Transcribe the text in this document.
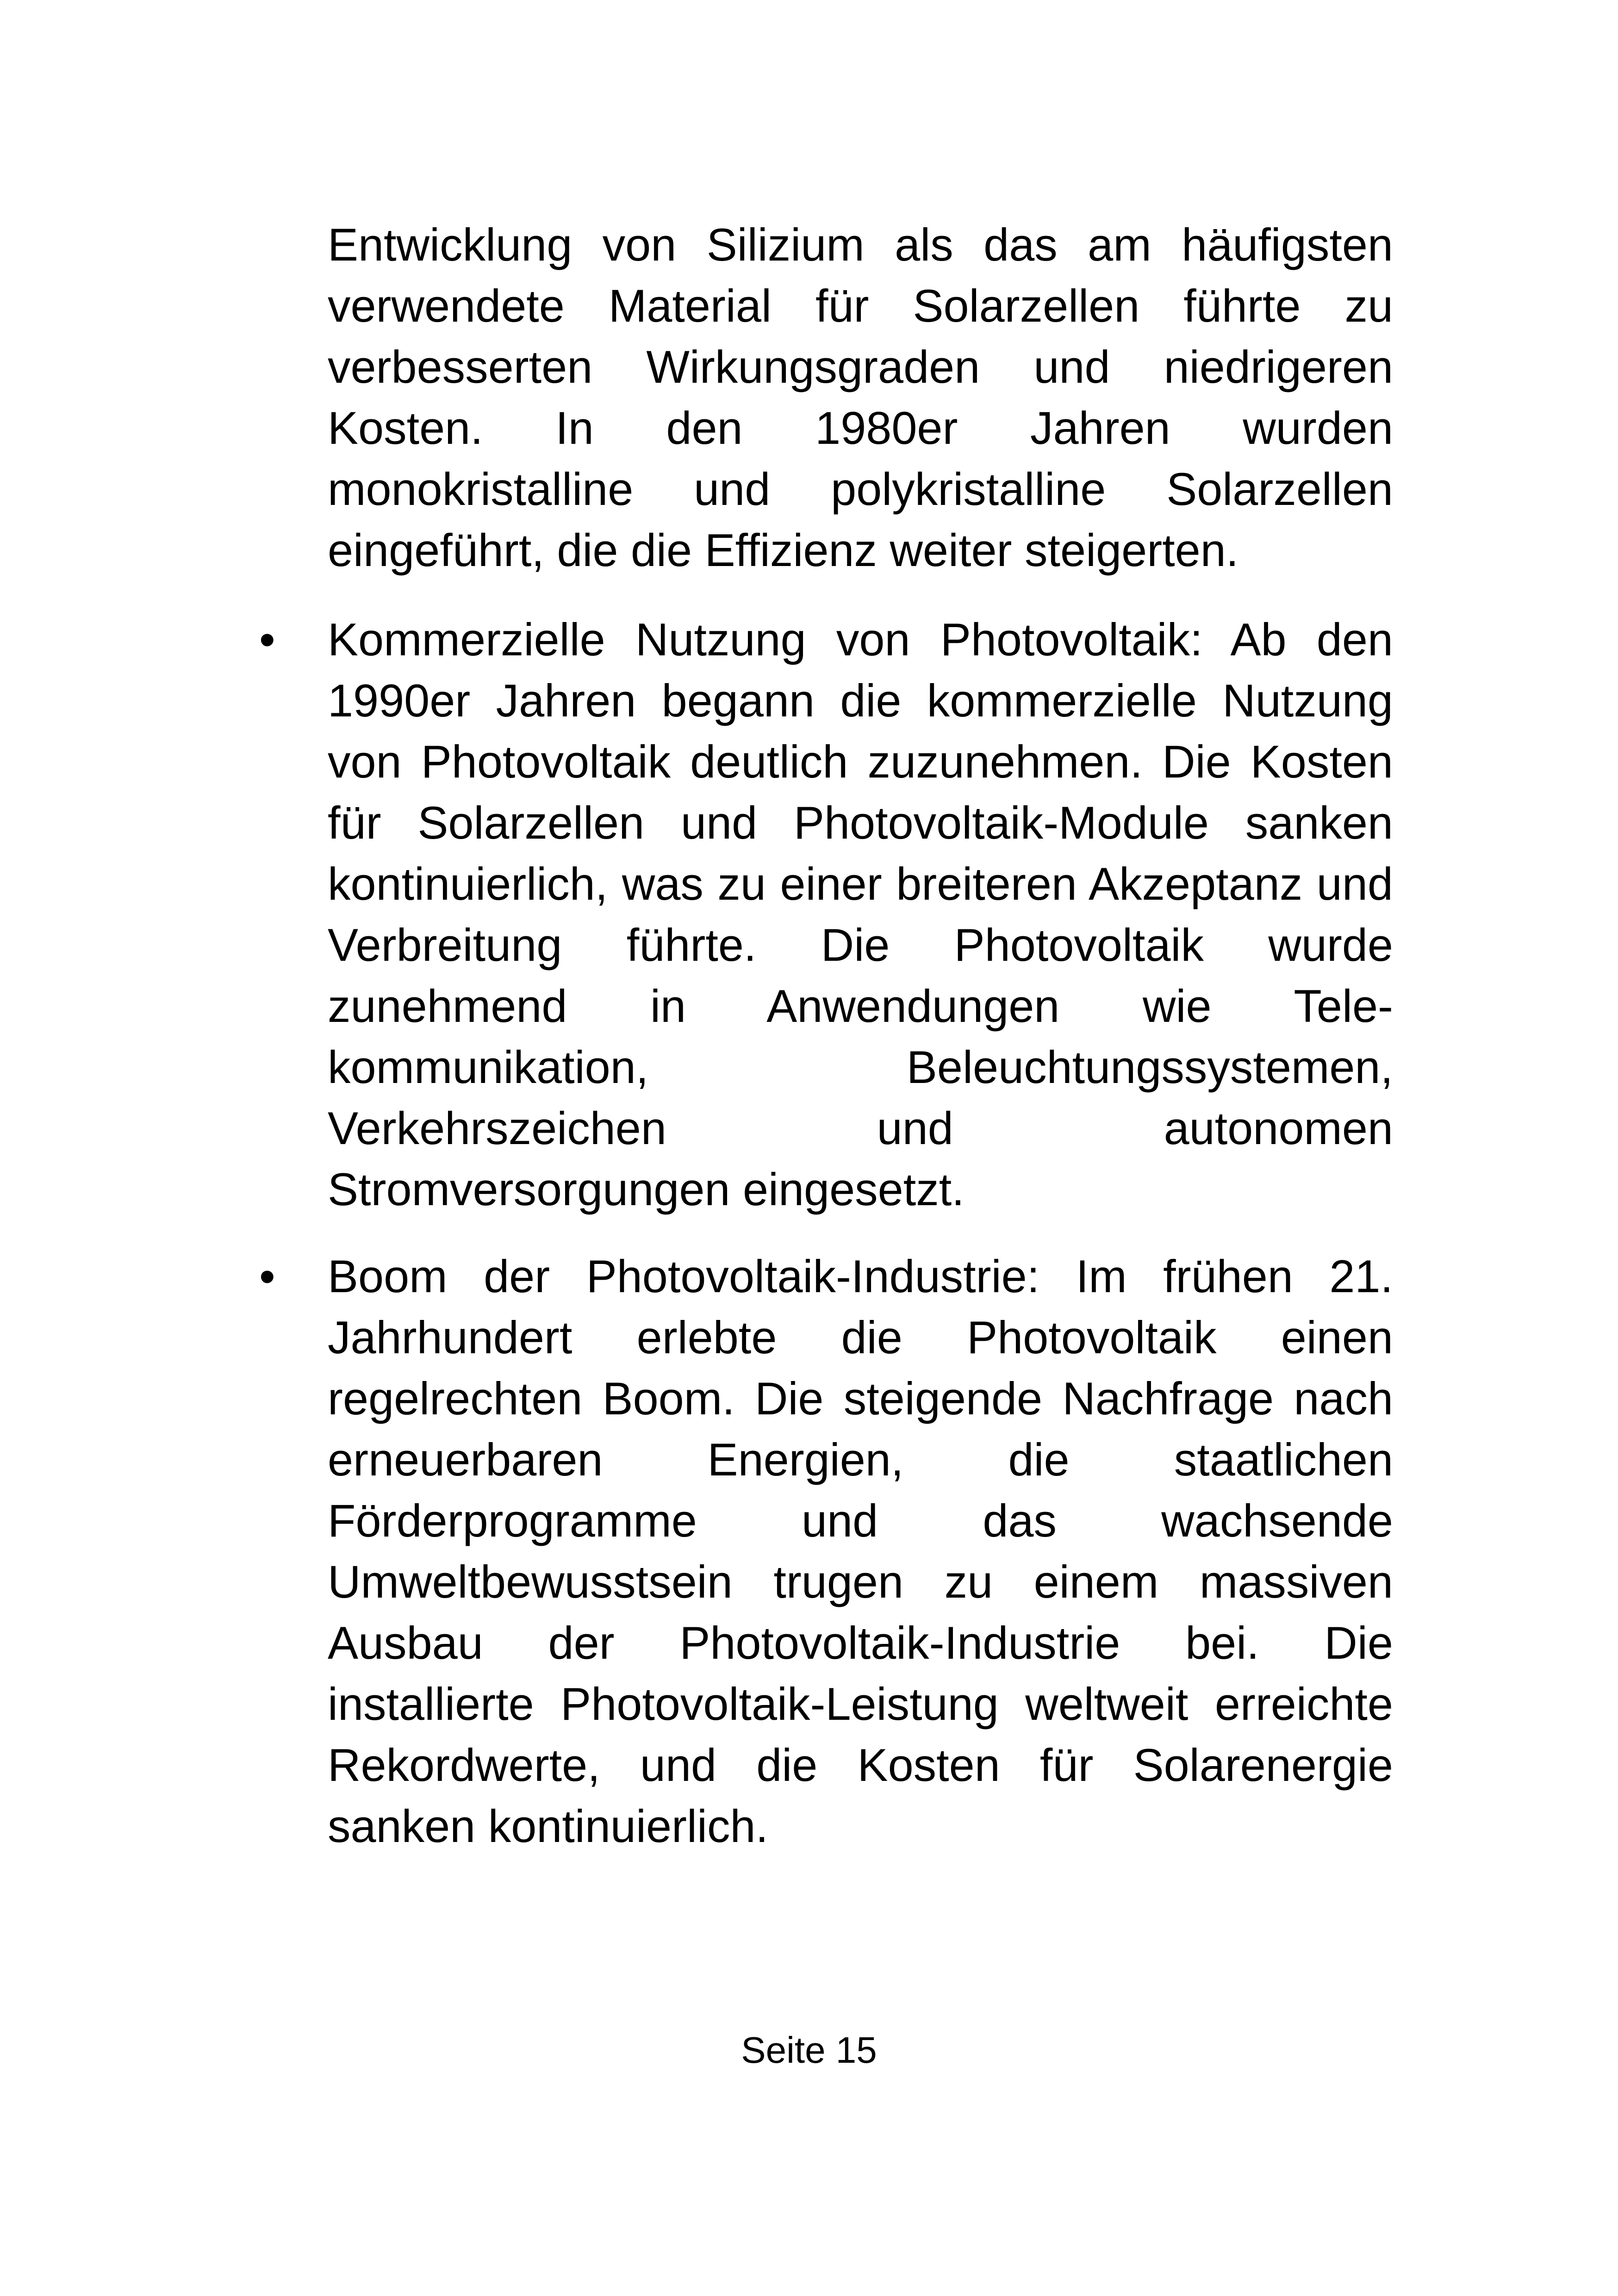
Entwicklung von Silizium als das am häufigsten
verwendete Material für Solarzellen führte zu
verbesserten Wirkungsgraden und niedrigeren
Kosten. In den 1980er Jahren wurden
monokristalline und polykristalline Solarzellen
eingeführt, die die Effizienz weiter steigerten.
• Kommerzielle Nutzung von Photovoltaik: Ab den
1990er Jahren begann die kommerzielle Nutzung
von Photovoltaik deutlich zuzunehmen. Die Kosten
für Solarzellen und Photovoltaik-Module sanken
kontinuierlich, was zu einer breiteren Akzeptanz und
Verbreitung führte. Die Photovoltaik wurde
zunehmend in Anwendungen wie Tele-
kommunikation, Beleuchtungssystemen,
Verkehrszeichen und autonomen
Stromversorgungen eingesetzt.
• Boom der Photovoltaik-Industrie: Im frühen 21.
Jahrhundert erlebte die Photovoltaik einen
regelrechten Boom. Die steigende Nachfrage nach
erneuerbaren Energien, die staatlichen
Förderprogramme und das wachsende
Umweltbewusstsein trugen zu einem massiven
Ausbau der Photovoltaik-Industrie bei. Die
installierte Photovoltaik-Leistung weltweit erreichte
Rekordwerte, und die Kosten für Solarenergie
sanken kontinuierlich.
Seite 15
